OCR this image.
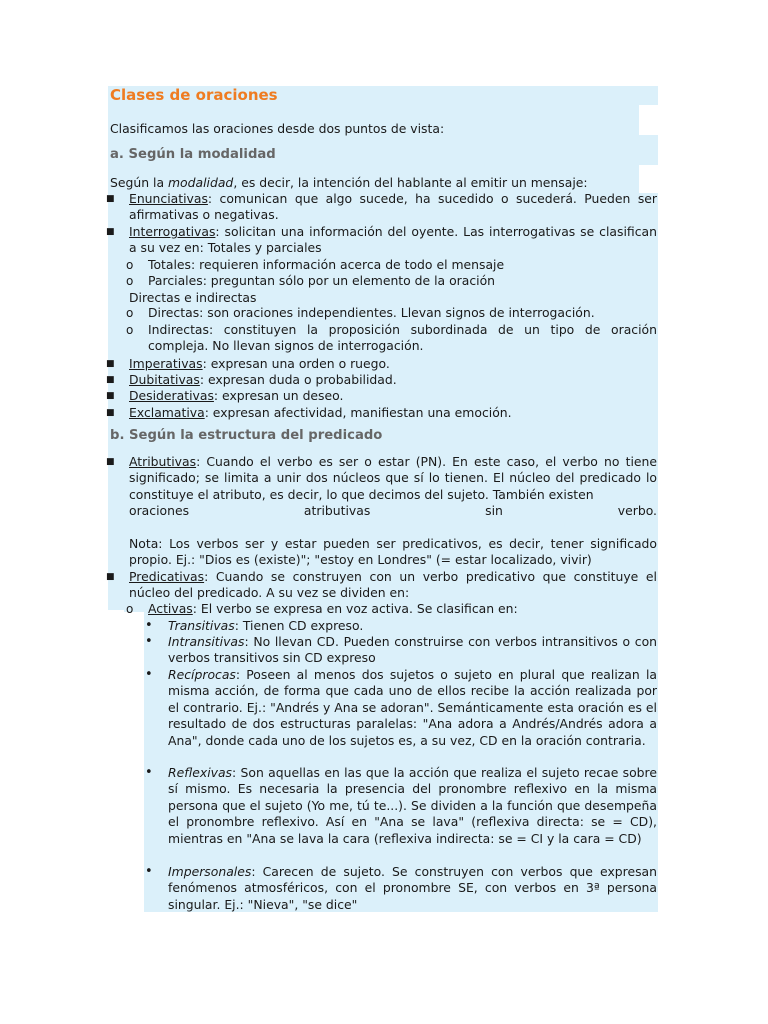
Clases de oraciones
Clasificamos las oraciones desde dos puntos de vista:
a. Según la modalidad
Según la modalidad, es decir, la intención del hablante al emitir un mensaje:
■ Enunciativas: comunican que algo sucede, ha sucedido o sucederá. Pueden ser afirmativas o negativas.
■ Interrogativas: solicitan una información del oyente. Las interrogativas se clasifican a su vez en: Totales y parciales
o Totales: requieren información acerca de todo el mensaje
o Parciales: preguntan sólo por un elemento de la oración
Directas e indirectas
o Directas: son oraciones independientes. Llevan signos de interrogación.
o Indirectas: constituyen la proposición subordinada de un tipo de oración compleja. No llevan signos de interrogación.
■ Imperativas: expresan una orden o ruego.
■ Dubitativas: expresan duda o probabilidad.
■ Desiderativas: expresan un deseo.
■ Exclamativa: expresan afectividad, manifiestan una emoción.
b. Según la estructura del predicado
■ Atributivas: Cuando el verbo es ser o estar (PN). En este caso, el verbo no tiene significado; se limita a unir dos núcleos que sí lo tienen. El núcleo del predicado lo constituye el atributo, es decir, lo que decimos del sujeto. También existen
oraciones	atributivas	sin	verbo.
Nota: Los verbos ser y estar pueden ser predicativos, es decir, tener significado propio. Ej.: "Dios es (existe)"; "estoy en Londres" (= estar localizado, vivir)
■ Predicativas: Cuando se construyen con un verbo predicativo que constituye el núcleo del predicado. A su vez se dividen en:
o Activas: El verbo se expresa en voz activa. Se clasifican en:
• Transitivas: Tienen CD expreso.
• Intransitivas: No llevan CD. Pueden construirse con verbos intransitivos o con verbos transitivos sin CD expreso
• Recíprocas: Poseen al menos dos sujetos o sujeto en plural que realizan la misma acción, de forma que cada uno de ellos recibe la acción realizada por el contrario. Ej.: "Andrés y Ana se adoran". Semánticamente esta oración es el resultado de dos estructuras paralelas: "Ana adora a Andrés/Andrés adora a Ana", donde cada uno de los sujetos es, a su vez, CD en la oración contraria.
• Reflexivas: Son aquellas en las que la acción que realiza el sujeto recae sobre sí mismo. Es necesaria la presencia del pronombre reflexivo en la misma persona que el sujeto (Yo me, tú te...). Se dividen a la función que desempeña el pronombre reflexivo. Así en "Ana se lava" (reflexiva directa: se = CD), mientras en "Ana se lava la cara (reflexiva indirecta: se = CI y la cara = CD)
• Impersonales: Carecen de sujeto. Se construyen con verbos que expresan fenómenos atmosféricos, con el pronombre SE, con verbos en 3ª persona singular. Ej.: "Nieva", "se dice"
